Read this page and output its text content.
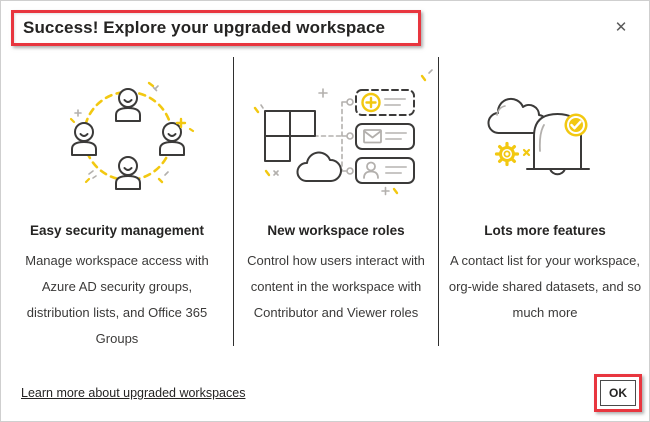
Success! Explore your upgraded workspace	✕
Easy security management
Manage workspace access with Azure AD security groups, distribution lists, and Office 365 Groups
New workspace roles
Control how users interact with content in the workspace with Contributor and Viewer roles
Lots more features
A contact list for your workspace, org-wide shared datasets, and so much more
Learn more about upgraded workspaces	OK
